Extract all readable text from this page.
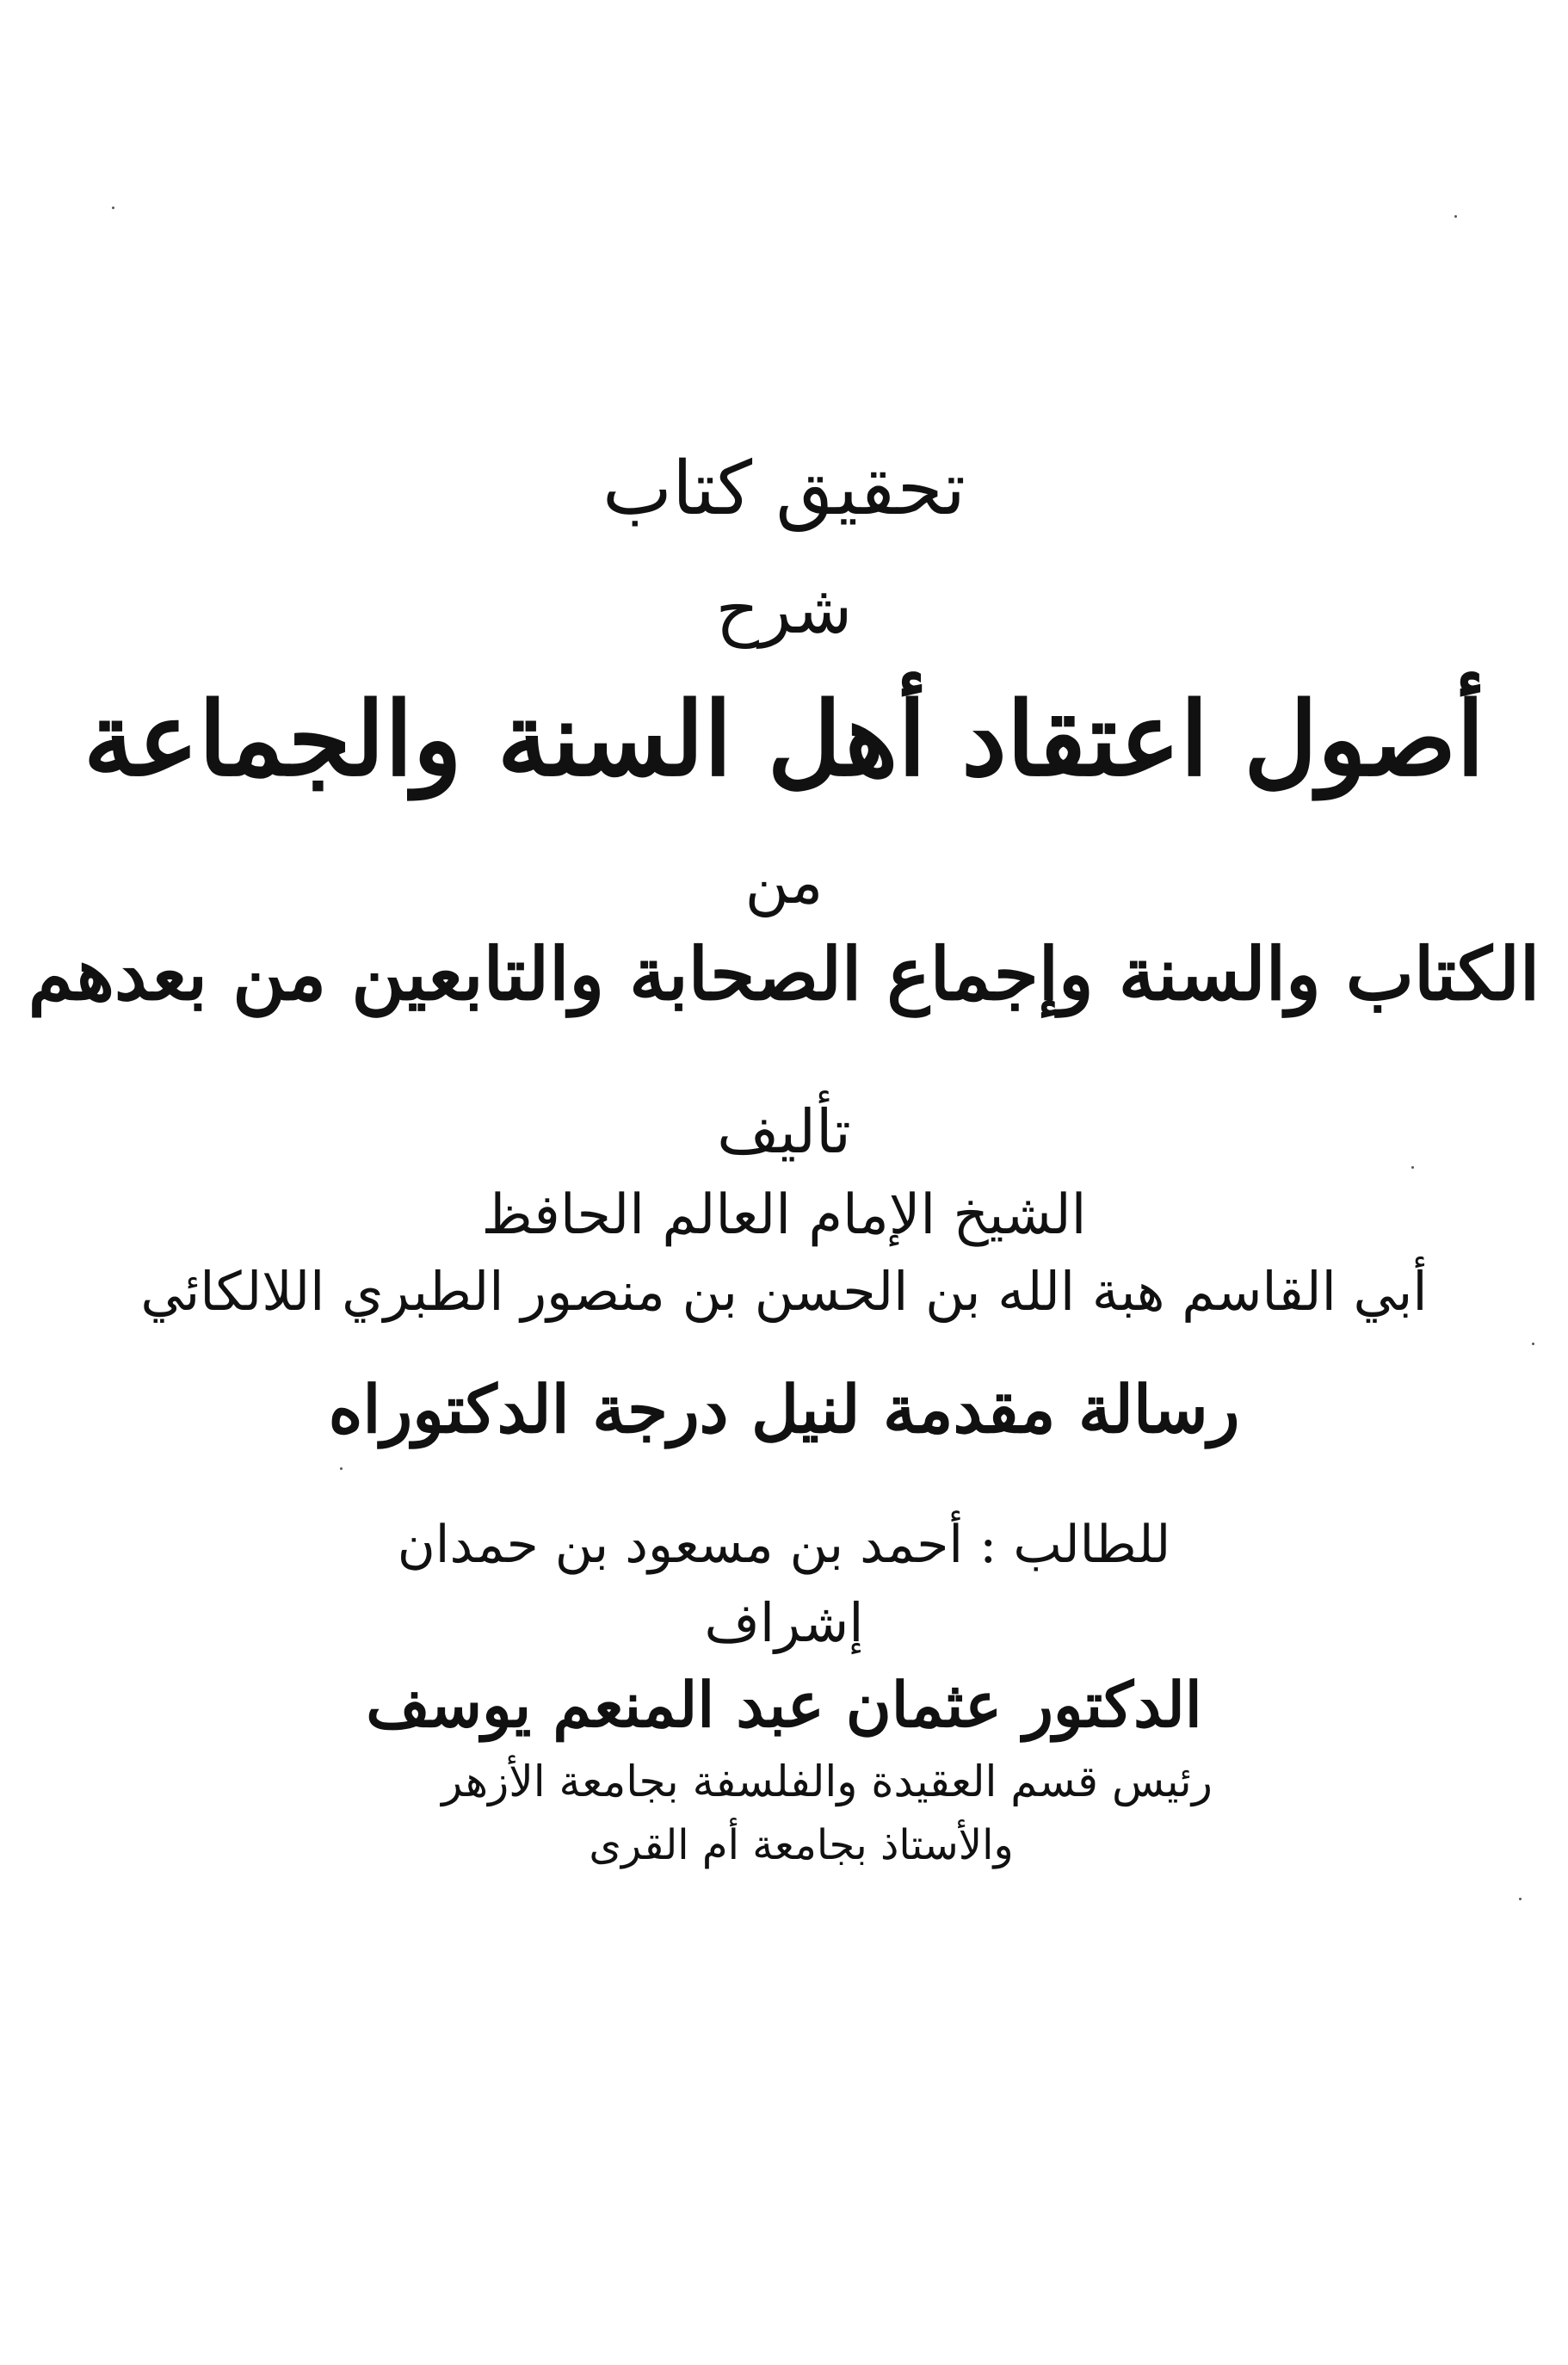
تحقيق كتاب
شرح
أصول اعتقاد أهل السنة والجماعة
من
الكتاب والسنة وإجماع الصحابة والتابعين من بعدهم
تأليف
الشيخ الإمام العالم الحافظ
أبي القاسم هبة الله بن الحسن بن منصور الطبري اللالكائي
رسالة مقدمة لنيل درجة الدكتوراه
للطالب : أحمد بن مسعود بن حمدان
إشراف
الدكتور عثمان عبد المنعم يوسف
رئيس قسم العقيدة والفلسفة بجامعة الأزهر
والأستاذ بجامعة أم القرى
